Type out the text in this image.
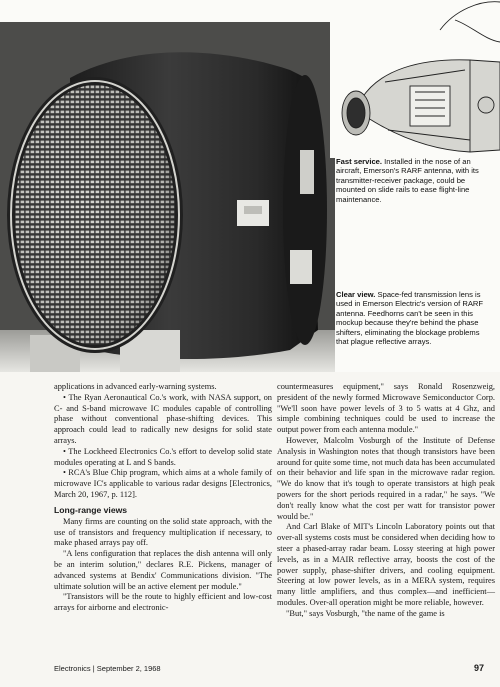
Fast service. Installed in the nose of an aircraft, Emerson's RARF antenna, with its transmitter-receiver package, could be mounted on slide rails to ease flight-line maintenance.
Clear view. Space-fed transmission lens is used in Emerson Electric's version of RARF antenna. Feedhorns can't be seen in this mockup because they're behind the phase shifters, eliminating the blockage problems that plague reflective arrays.

applications in advanced early-warning systems.

• The Ryan Aeronautical Co.'s work, with NASA support, on C- and S-band microwave IC modules capable of controlling phase without conventional phase-shifting devices. This approach could lead to radically new designs for solid state arrays.

• The Lockheed Electronics Co.'s effort to develop solid state modules operating at L and S bands.

• RCA's Blue Chip program, which aims at a whole family of microwave IC's applicable to various radar designs [Electronics, March 20, 1967, p. 112].

Long-range views

Many firms are counting on the solid state approach, with the use of transistors and frequency multiplication if necessary, to make phased arrays pay off.

"A lens configuration that replaces the dish antenna will only be an interim solution," declares R.E. Pickens, manager of advanced systems at Bendix' Communications division. "The ultimate solution will be an active element per module."

"Transistors will be the route to highly efficient and low-cost arrays for airborne and electronic-

countermeasures equipment," says Ronald Rosenzweig, president of the newly formed Microwave Semiconductor Corp. "We'll soon have power levels of 3 to 5 watts at 4 Ghz, and simple combining techniques could be used to increase the output power from each antenna module."

However, Malcolm Vosburgh of the Institute of Defense Analysis in Washington notes that though transistors have been around for quite some time, not much data has been accumulated on their behavior and life span in the microwave radar region. "We do know that it's tough to operate transistors at high peak powers for the short periods required in a radar," he says. "We don't really know what the cost per watt for transistor power would be."

And Carl Blake of MIT's Lincoln Laboratory points out that over-all systems costs must be considered when deciding how to steer a phased-array radar beam. Lossy steering at high power levels, as in a MAIR reflective array, boosts the cost of the power supply, phase-shifter drivers, and cooling equipment. Steering at low power levels, as in a MERA system, requires many little amplifiers, and thus complex—and inefficient—modules. Over-all operation might be more reliable, however.

"But," says Vosburgh, "the name of the game is

Electronics | September 2, 1968	97
